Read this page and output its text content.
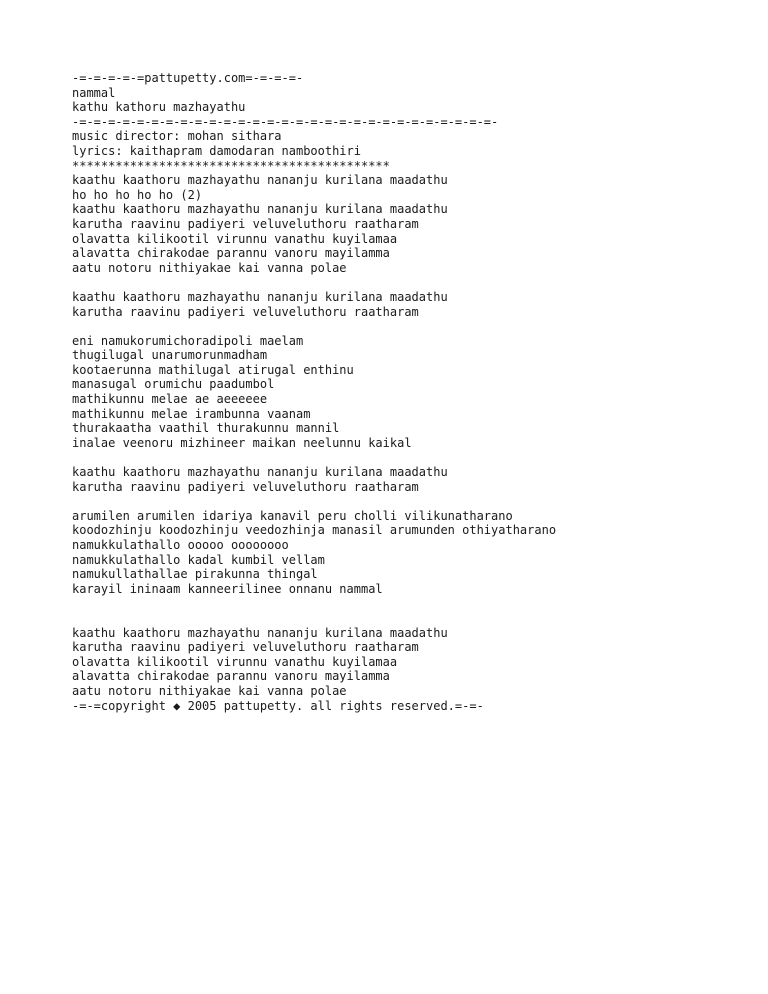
-=-=-=-=-=pattupetty.com=-=-=-=-
nammal
kathu kathoru mazhayathu
-=-=-=-=-=-=-=-=-=-=-=-=-=-=-=-=-=-=-=-=-=-=-=-=-=-=-=-=-=-
music director: mohan sithara
lyrics: kaithapram damodaran namboothiri
********************************************
kaathu kaathoru mazhayathu nananju kurilana maadathu
ho ho ho ho ho (2)
kaathu kaathoru mazhayathu nananju kurilana maadathu
karutha raavinu padiyeri veluveluthoru raatharam
olavatta kilikootil virunnu vanathu kuyilamaa
alavatta chirakodae parannu vanoru mayilamma
aatu notoru nithiyakae kai vanna polae
kaathu kaathoru mazhayathu nananju kurilana maadathu
karutha raavinu padiyeri veluveluthoru raatharam
eni namukorumichoradipoli maelam
thugilugal unarumorunmadham
kootaerunna mathilugal atirugal enthinu
manasugal orumichu paadumbol
mathikunnu melae ae aeeeeee
mathikunnu melae irambunna vaanam
thurakaatha vaathil thurakunnu mannil
inalae veenoru mizhineer maikan neelunnu kaikal
kaathu kaathoru mazhayathu nananju kurilana maadathu
karutha raavinu padiyeri veluveluthoru raatharam
arumilen arumilen idariya kanavil peru cholli vilikunatharano
koodozhinju koodozhinju veedozhinja manasil arumunden othiyatharano
namukkulathallo ooooo oooooooo
namukkulathallo kadal kumbil vellam
namukullathallae pirakunna thingal
karayil ininaam kanneerilinee onnanu nammal
kaathu kaathoru mazhayathu nananju kurilana maadathu
karutha raavinu padiyeri veluveluthoru raatharam
olavatta kilikootil virunnu vanathu kuyilamaa
alavatta chirakodae parannu vanoru mayilamma
aatu notoru nithiyakae kai vanna polae
-=-=copyright ◆ 2005 pattupetty. all rights reserved.=-=-
